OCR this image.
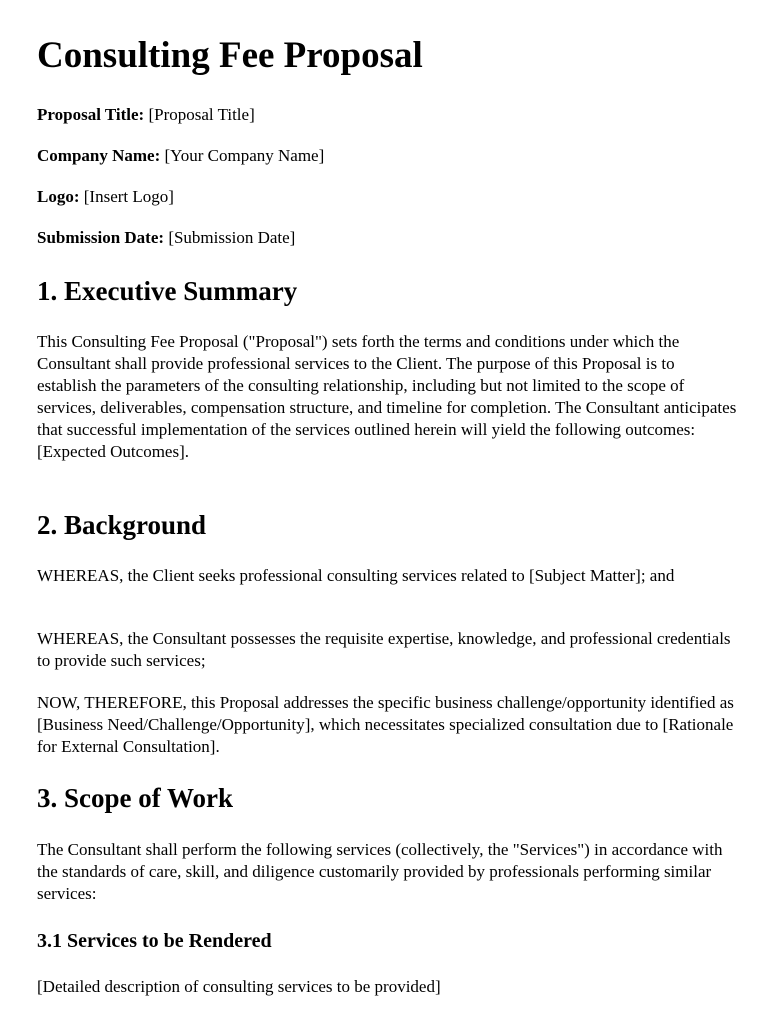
Consulting Fee Proposal

Proposal Title: [Proposal Title]

Company Name: [Your Company Name]

Logo: [Insert Logo]

Submission Date: [Submission Date]

1. Executive Summary

This Consulting Fee Proposal ("Proposal") sets forth the terms and conditions under which the Consultant shall provide professional services to the Client. The purpose of this Proposal is to establish the parameters of the consulting relationship, including but not limited to the scope of services, deliverables, compensation structure, and timeline for completion. The Consultant anticipates that successful implementation of the services outlined herein will yield the following outcomes: [Expected Outcomes].

2. Background

WHEREAS, the Client seeks professional consulting services related to [Subject Matter]; and

WHEREAS, the Consultant possesses the requisite expertise, knowledge, and professional credentials to provide such services;

NOW, THEREFORE, this Proposal addresses the specific business challenge/opportunity identified as [Business Need/Challenge/Opportunity], which necessitates specialized consultation due to [Rationale for External Consultation].

3. Scope of Work

The Consultant shall perform the following services (collectively, the "Services") in accordance with the standards of care, skill, and diligence customarily provided by professionals performing similar services:

3.1 Services to be Rendered

[Detailed description of consulting services to be provided]
